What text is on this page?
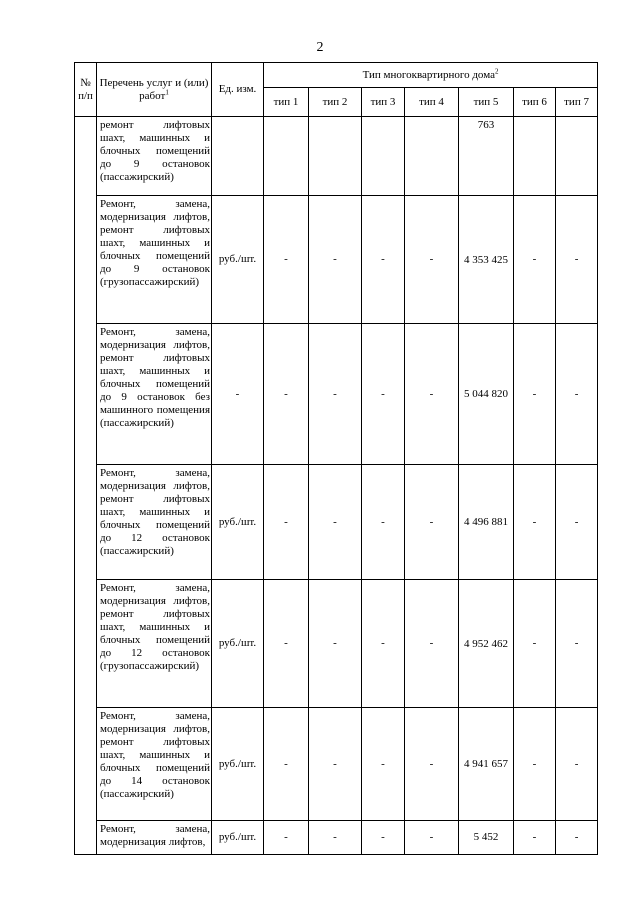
2
№ п/п	Перечень услуг и (или) работ$^1$	Ед. изм.	Тип многоквартирного дома$^2$
			тип 1	тип 2	тип 3	тип 4	тип 5	тип 6	тип 7
	ремонт лифтовых шахт, машинных и блочных помещений до 9 остановок (пассажирский)						763		
	Ремонт, замена, модернизация лифтов, ремонт лифтовых шахт, машинных и блочных помещений до 9 остановок (грузопассажирский)	руб./шт.	-	-	-	-	4 353 425	-	-
	Ремонт, замена, модернизация лифтов, ремонт лифтовых шахт, машинных и блочных помещений до 9 остановок без машинного помещения (пассажирский)	-	-	-	-	-	5 044 820	-	-
	Ремонт, замена, модернизация лифтов, ремонт лифтовых шахт, машинных и блочных помещений до 12 остановок (пассажирский)	руб./шт.	-	-	-	-	4 496 881	-	-
	Ремонт, замена, модернизация лифтов, ремонт лифтовых шахт, машинных и блочных помещений до 12 остановок (грузопассажирский)	руб./шт.	-	-	-	-	4 952 462	-	-
	Ремонт, замена, модернизация лифтов, ремонт лифтовых шахт, машинных и блочных помещений до 14 остановок (пассажирский)	руб./шт.	-	-	-	-	4 941 657	-	-
	Ремонт, замена, модернизация лифтов,	руб./шт.	-	-	-	-	5 452	-	-
